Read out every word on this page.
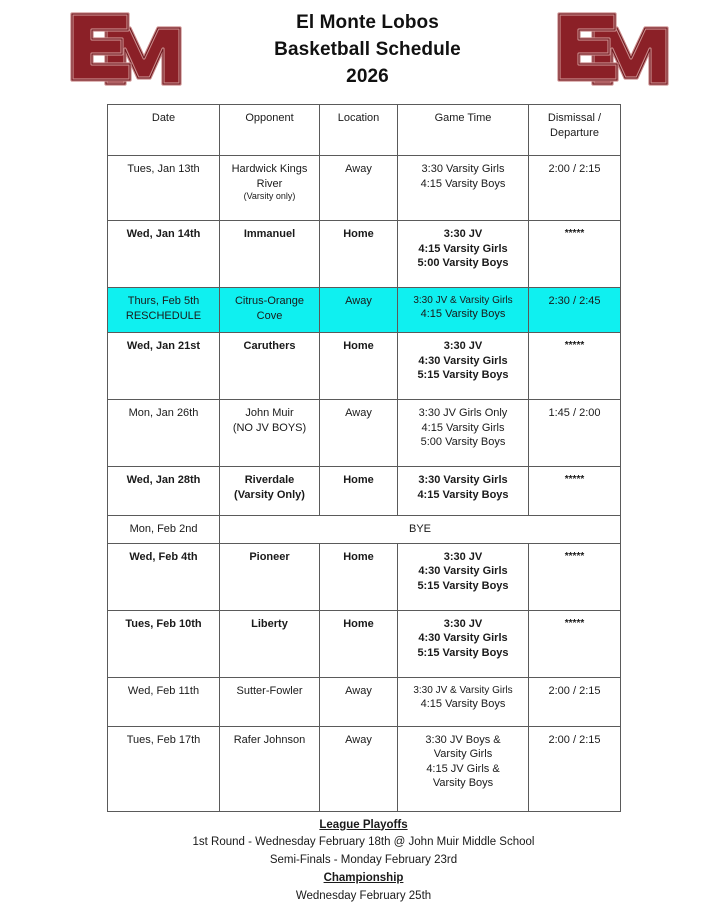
El Monte Lobos
Basketball Schedule
2026
Date	Opponent	Location	Game Time	Dismissal /
Departure

Tues, Jan 13th	Hardwick Kings
River
(Varsity only)	Away	3:30 Varsity Girls
4:15 Varsity Boys	2:00 / 2:15

Wed, Jan 14th	Immanuel	Home	3:30 JV
4:15 Varsity Girls
5:00 Varsity Boys	*****

Thurs, Feb 5th
RESCHEDULE	Citrus-Orange
Cove	Away	3:30 JV & Varsity Girls
4:15 Varsity Boys	2:30 / 2:45

Wed, Jan 21st	Caruthers	Home	3:30 JV
4:30 Varsity Girls
5:15 Varsity Boys	*****

Mon, Jan 26th	John Muir
(NO JV BOYS)	Away	3:30 JV Girls Only
4:15 Varsity Girls
5:00 Varsity Boys	1:45 / 2:00

Wed, Jan 28th	Riverdale
(Varsity Only)	Home	3:30 Varsity Girls
4:15 Varsity Boys	*****

Mon, Feb 2nd	BYE			

Wed, Feb 4th	Pioneer	Home	3:30 JV
4:30 Varsity Girls
5:15 Varsity Boys	*****

Tues, Feb 10th	Liberty	Home	3:30 JV
4:30 Varsity Girls
5:15 Varsity Boys	*****

Wed, Feb 11th	Sutter-Fowler	Away	3:30 JV & Varsity Girls
4:15 Varsity Boys	2:00 / 2:15

Tues, Feb 17th	Rafer Johnson	Away	3:30 JV Boys &
Varsity Girls
4:15 JV Girls &
Varsity Boys	2:00 / 2:15
League Playoffs
1st Round - Wednesday February 18th @ John Muir Middle School
Semi-Finals - Monday February 23rd
Championship
Wednesday February 25th
